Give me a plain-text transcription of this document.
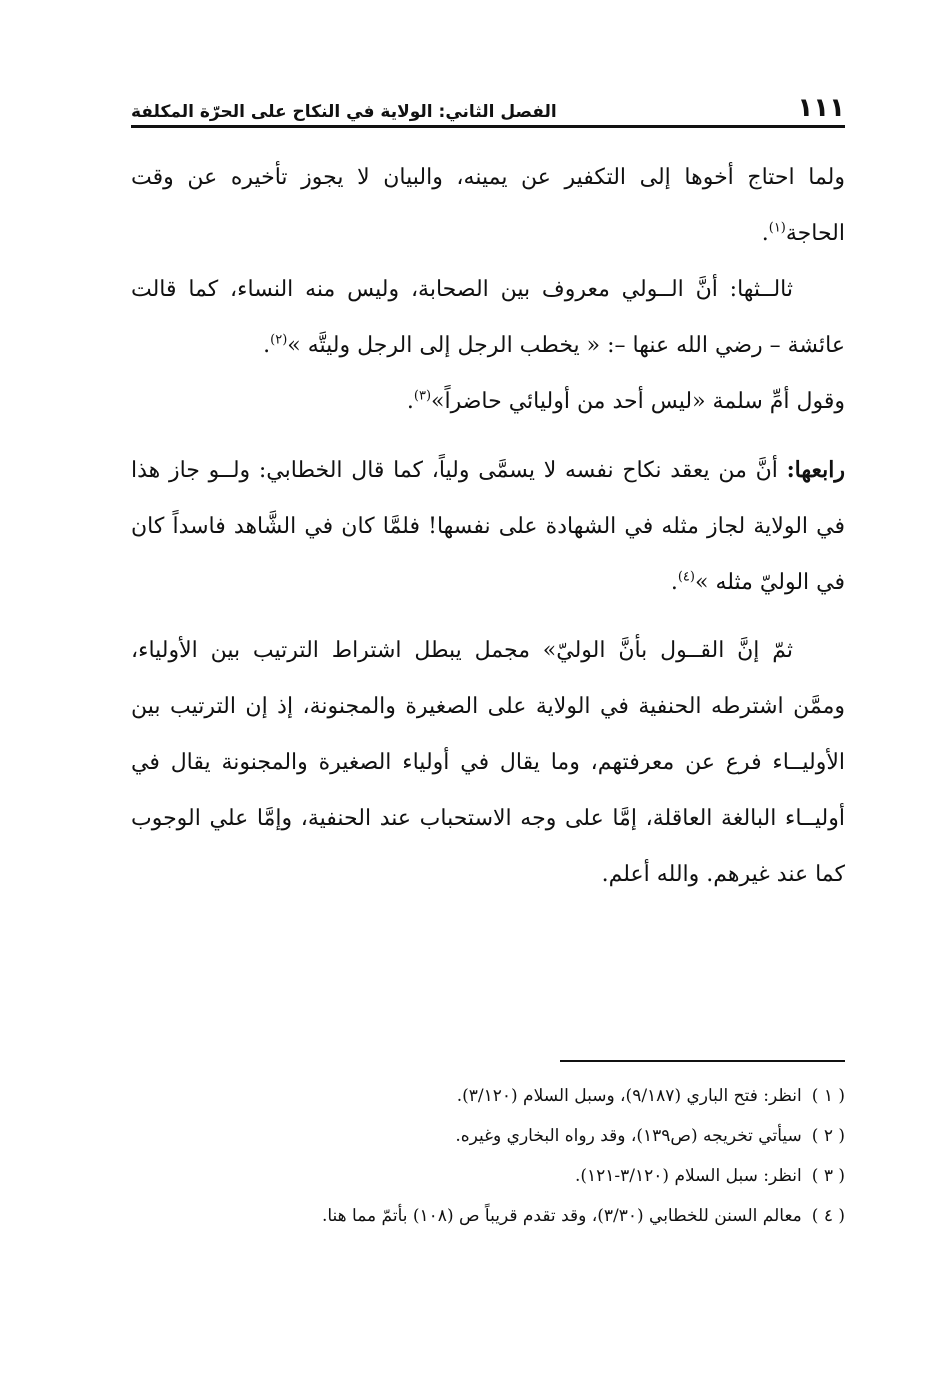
١١١
الفصل الثاني: الولاية في النكاح على الحرّة المكلفة

ولما احتاج أخوها إلى التكفير عن يمينه، والبيان لا يجوز تأخيره عن وقت الحاجة$^{(١)}$.

ثالــثها: أنَّ الــولي معروف بين الصحابة، وليس منه النساء، كما قالت عائشة – رضي الله عنها –: « يخطب الرجل إلى الرجل وليتَّه »$^{(٢)}$.

وقول أمِّ سلمة «ليس أحد من أوليائي حاضراً»$^{(٣)}$.

رابعها: أنَّ من يعقد نكاح نفسه لا يسمَّى ولياً، كما قال الخطابي: ولــو جاز هذا في الولاية لجاز مثله في الشهادة على نفسها! فلمَّا كان في الشَّاهد فاسداً كان في الوليّ مثله »$^{(٤)}$.

ثمّ إنَّ القــول بأنَّ الوليّ» مجمل يبطل اشتراط الترتيب بين الأولياء، وممَّن اشترطه الحنفية في الولاية على الصغيرة والمجنونة، إذ إن الترتيب بين الأوليــاء فرع عن معرفتهم، وما يقال في أولياء الصغيرة والمجنونة يقال في أوليــاء البالغة العاقلة، إمَّا على وجه الاستحباب عند الحنفية، وإمَّا علي الوجوب كما عند غيرهم. والله أعلم.

( ١ )انظر: فتح الباري (٩/١٨٧)، وسبل السلام (٣/١٢٠).

( ٢ )سيأتي تخريجه (ص١٣٩)، وقد رواه البخاري وغيره.

( ٣ )انظر: سبل السلام (٣/١٢٠-١٢١).

( ٤ )معالم السنن للخطابي (٣/٣٠)، وقد تقدم قريباً ص (١٠٨) بأتمّ مما هنا.
